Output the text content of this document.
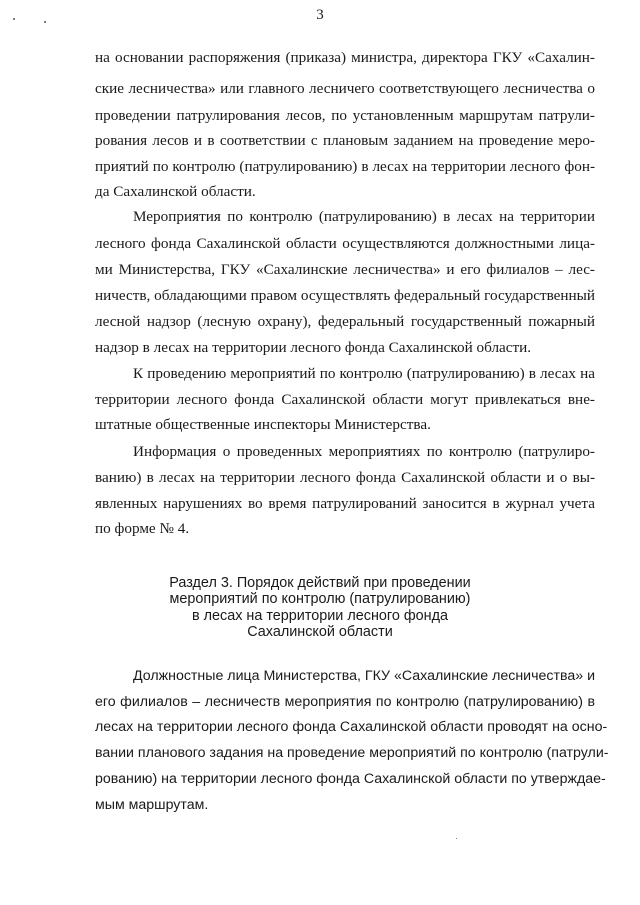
3
на основании распоряжения (приказа) министра, директора ГКУ «Сахалин-
ские лесничества» или главного лесничего соответствующего лесничества о
проведении патрулирования лесов, по установленным маршрутам патрули-
рования лесов и в соответствии с плановым заданием на проведение меро-
приятий по контролю (патрулированию) в лесах на территории лесного фон-
да Сахалинской области.
Мероприятия по контролю (патрулированию) в лесах на территории
лесного фонда Сахалинской области осуществляются должностными лица-
ми Министерства, ГКУ «Сахалинские лесничества» и его филиалов – лес-
ничеств, обладающими правом осуществлять федеральный государственный
лесной надзор (лесную охрану), федеральный государственный пожарный
надзор в лесах на территории лесного фонда Сахалинской области.
К проведению мероприятий по контролю (патрулированию) в лесах на
территории лесного фонда Сахалинской области могут привлекаться вне-
штатные общественные инспекторы Министерства.
Информация о проведенных мероприятиях по контролю (патрулиро-
ванию) в лесах на территории лесного фонда Сахалинской области и о вы-
явленных нарушениях во время патрулирований заносится в журнал учета
по форме № 4.
Раздел 3. Порядок действий при проведении
мероприятий по контролю (патрулированию)
в лесах на территории лесного фонда
Сахалинской области
Должностные лица Министерства, ГКУ «Сахалинские лесничества» и
его филиалов – лесничеств мероприятия по контролю (патрулированию) в
лесах на территории лесного фонда Сахалинской области проводят на осно-
вании планового задания на проведение мероприятий по контролю (патрули-
рованию) на территории лесного фонда Сахалинской области по утверждае-
мым маршрутам.
